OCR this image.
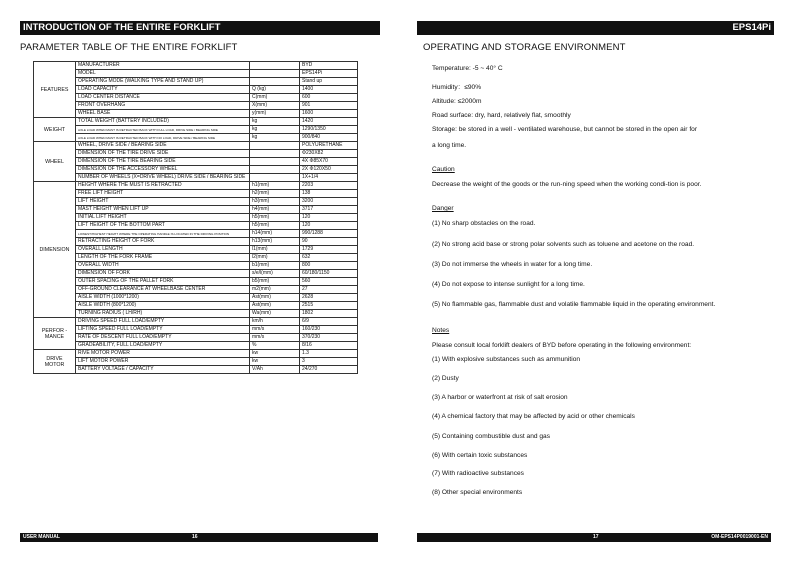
INTRODUCTION OF THE ENTIRE FORKLIFT
PARAMETER TABLE OF THE ENTIRE FORKLIFT
FEATURES	MANUFACTURER		BYD
	MODEL		EPS14Pi
	OPERATING MODE (WALKING TYPE AND STAND UP)		Stand up
	LOAD CAPACITY	Q (kg)	1400
	LOAD CENTER DISTANCE	C(mm)	600
	FRONT OVERHANG	X(mm)	901
	WHEEL BASE	y(mm)	1600
WEIGHT	TOTAL WEIGHT (BATTERY INCLUDED)	kg	1420
	AXLE LOAD WHEN MAST IS RETRACTED BACK WITH FULL LOAD, DRIVE SIDE / BEARING SIDE	kg	1290/1350
	AXLE LOAD WHEN MAST IS RETRACTED BACK WITH NO LOAD, DRIVE SIDE / BEARING SIDE	kg	900/840
WHEEL	WHEEL, DRIVE SIDE / BEARING SIDE		POLYURETHANE
	DIMENSION OF THE TIRE DRIVE SIDE		Φ230X82
	DIMENSION OF THE TIRE BEARING SIDE		4X Φ85X70
	DIMENSION OF THE ACCESSORY WHEEL		2X Φ120X50
	NUMBER OF WHEELS (X=DRIVE WHEEL) DRIVE SIDE / BEARING SIDE		1X+1/4
DIMENSION	HEIGHT WHERE THE MUST IS RETRACTED	h1(mm)	2203
	FREE LIFT HEIGHT	h2(mm)	138
	LIFT HEIGHT	h3(mm)	3200
	MAST HEIGHT WHEN LIFT UP	h4(mm)	3717
	INITIAL LIFT HEIGHT	h5(mm)	120
	LIFT HEIGHT OF THE BOTTOM PART	h5(mm)	120
	LOWEST/HIGHEST HEIGHT WHERE THE OPERATING HANDLE IS LOCATED IN THE DRIVING POSITION	h14(mm)	990/1288
	RETRACTING HEIGHT OF FORK	h13(mm)	90
	OVERALL LENGTH	l1(mm)	1729
	LENGTH OF THE FORK FRAME	l2(mm)	632
	OVERALL WIDTH	b1(mm)	800
	DIMENSION OF FORK	s/e/l(mm)	60/180/1150
	OUTER SPACING OF THE PALLET FORK	b5(mm)	560
	OFF-GROUND CLEARANCE AT WHEELBASE CENTER	m2(mm)	27
	AISLE WIDTH (1000*1200)	Ast(mm)	2628
	AISLE WIDTH (800*1200)	Ast(mm)	2515
	TURNING RADIUS ( LH/RH)	Wa(mm)	1802
PERFOR -MANCE	DRIVING SPEED FULL LOAD/EMPTY	km/h	6/9
	LIFTING SPEED FULL LOAD/EMPTY	mm/s	160/230
	RATE OF DESCENT FULL LOAD/EMPTY	mm/s	370/230
	GRADEABILITY, FULL LOAD/EMPTY	%	8/16
DRIVE MOTOR	RIVE MOTOR POWER	kw	1.3
	LIFT MOTOR POWER	kw	3
	BATTERY VOLTAGE / CAPACITY	V/Ah	24/270
USER MANUAL	16
EPS14Pi
OPERATING AND STORAGE ENVIRONMENT
Temperature: -5 ~ 40° C
Humidity：≤90%
Altitude: ≤2000m
Road surface: dry, hard, relatively flat, smoothly
Storage: be stored in a well - ventilated warehouse, but cannot be stored in the open air for
a long time.
Caution
Decrease the weight of the goods or the run-ning speed when the working condi-tion is poor.
Danger
(1) No sharp obstacles on the road.
(2) No strong acid base or strong polar solvents such as toluene and acetone on the road.
(3) Do not immerse the wheels in water for a long time.
(4) Do not expose to intense sunlight for a long time.
(5) No flammable gas, flammable dust and volatile flammable liquid in the operating environment.
Notes
Please consult local forklift dealers of BYD before operating in the following environment:
(1) With explosive substances such as ammunition
(2) Dusty
(3) A harbor or waterfront at risk of salt erosion
(4) A chemical factory that may be affected by acid or other chemicals
(5) Containing combustible dust and gas
(6) With certain toxic substances
(7) With radioactive substances
(8) Other special environments
17	OM-EPS14P0019001-EN
